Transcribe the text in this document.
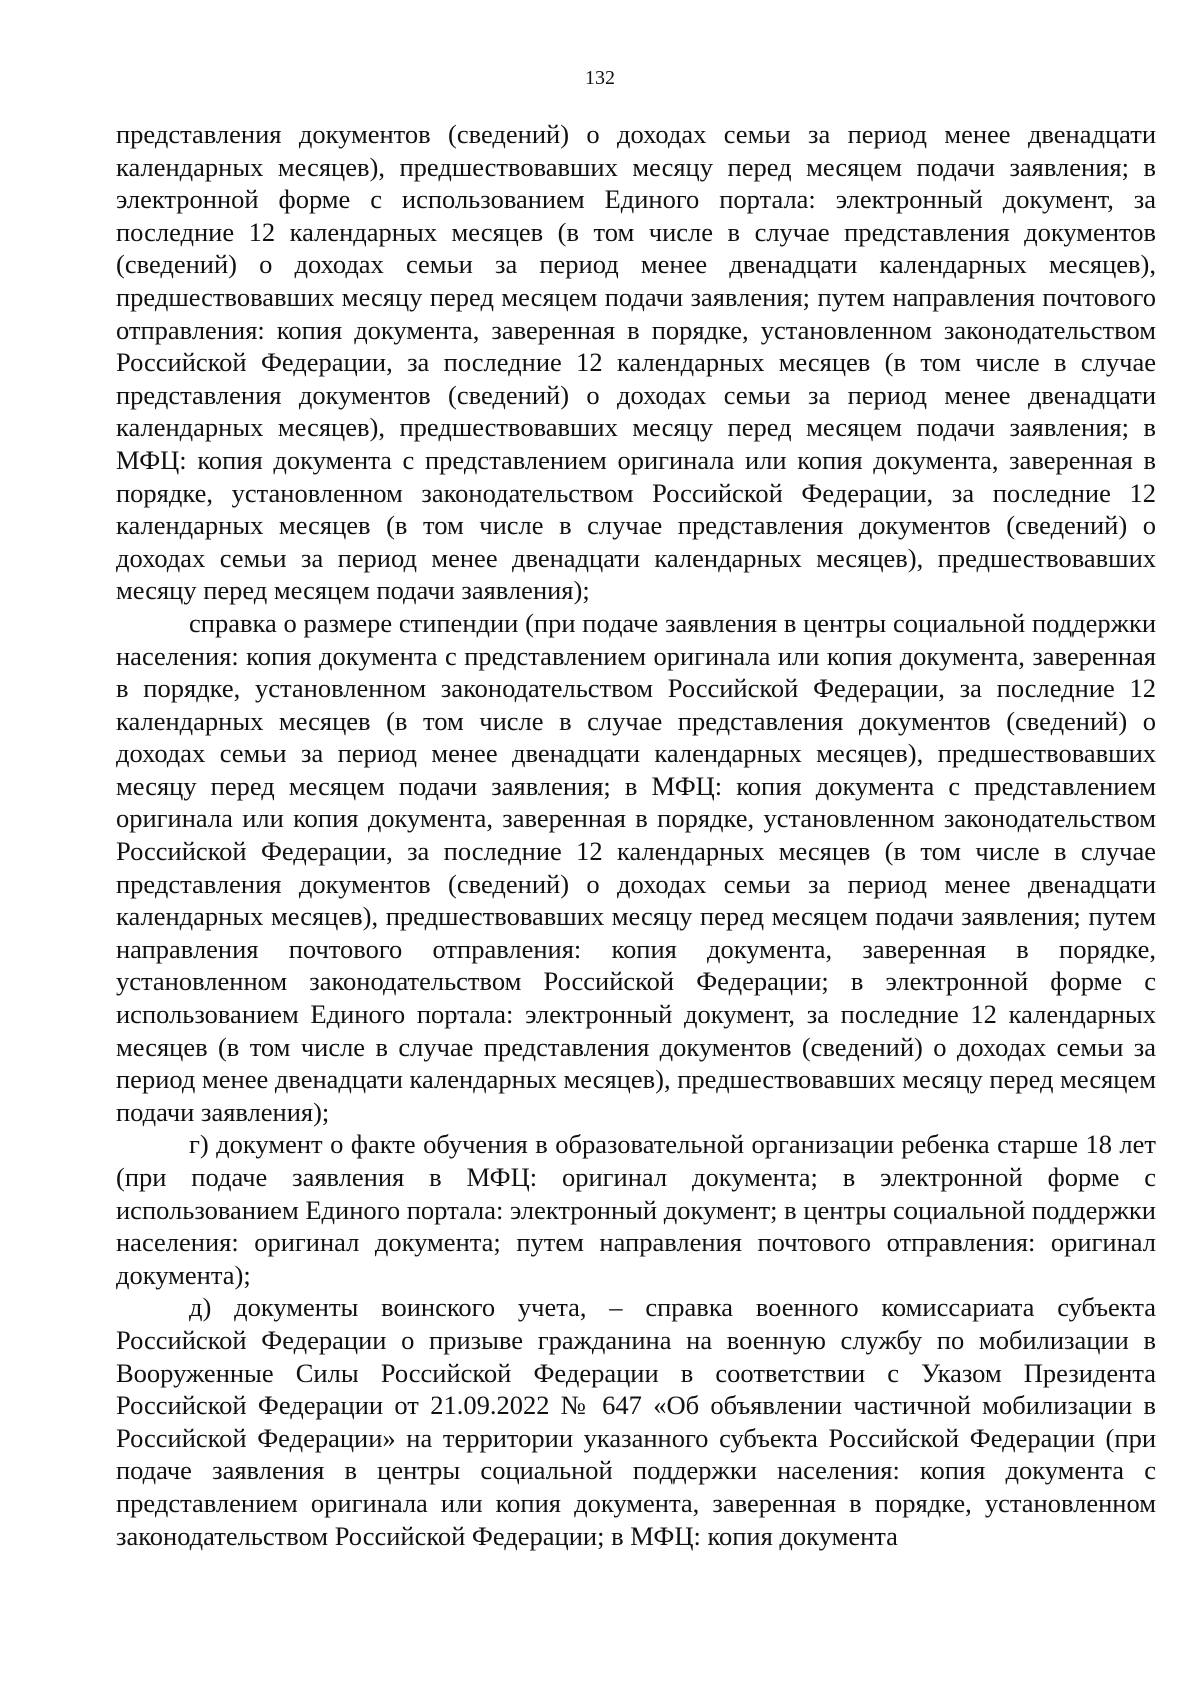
132

представления документов (сведений) о доходах семьи за период менее двенадцати календарных месяцев), предшествовавших месяцу перед месяцем подачи заявления; в электронной форме с использованием Единого портала: электронный документ, за последние 12 календарных месяцев (в том числе в случае представления документов (сведений) о доходах семьи за период менее двенадцати календарных месяцев), предшествовавших месяцу перед месяцем подачи заявления; путем направления почтового отправления: копия документа, заверенная в порядке, установленном законодательством Российской Федерации, за последние 12 календарных месяцев (в том числе в случае представления документов (сведений) о доходах семьи за период менее двенадцати календарных месяцев), предшествовавших месяцу перед месяцем подачи заявления; в МФЦ: копия документа с представлением оригинала или копия документа, заверенная в порядке, установленном законодательством Российской Федерации, за последние 12 календарных месяцев (в том числе в случае представления документов (сведений) о доходах семьи за период менее двенадцати календарных месяцев), предшествовавших месяцу перед месяцем подачи заявления);

справка о размере стипендии (при подаче заявления в центры социальной поддержки населения: копия документа с представлением оригинала или копия документа, заверенная в порядке, установленном законодательством Российской Федерации, за последние 12 календарных месяцев (в том числе в случае представления документов (сведений) о доходах семьи за период менее двенадцати календарных месяцев), предшествовавших месяцу перед месяцем подачи заявления; в МФЦ: копия документа с представлением оригинала или копия документа, заверенная в порядке, установленном законодательством Российской Федерации, за последние 12 календарных месяцев (в том числе в случае представления документов (сведений) о доходах семьи за период менее двенадцати календарных месяцев), предшествовавших месяцу перед месяцем подачи заявления; путем направления почтового отправления: копия документа, заверенная в порядке, установленном законодательством Российской Федерации; в электронной форме с использованием Единого портала: электронный документ, за последние 12 календарных месяцев (в том числе в случае представления документов (сведений) о доходах семьи за период менее двенадцати календарных месяцев), предшествовавших месяцу перед месяцем подачи заявления);

г) документ о факте обучения в образовательной организации ребенка старше 18 лет (при подаче заявления в МФЦ: оригинал документа; в электронной форме с использованием Единого портала: электронный документ; в центры социальной поддержки населения: оригинал документа; путем направления почтового отправления: оригинал документа);

д) документы воинского учета, – справка военного комиссариата субъекта Российской Федерации о призыве гражданина на военную службу по мобилизации в Вооруженные Силы Российской Федерации в соответствии с Указом Президента Российской Федерации от 21.09.2022 № 647 «Об объявлении частичной мобилизации в Российской Федерации» на территории указанного субъекта Российской Федерации (при подаче заявления в центры социальной поддержки населения: копия документа с представлением оригинала или копия документа, заверенная в порядке, установленном законодательством Российской Федерации; в МФЦ: копия документа
